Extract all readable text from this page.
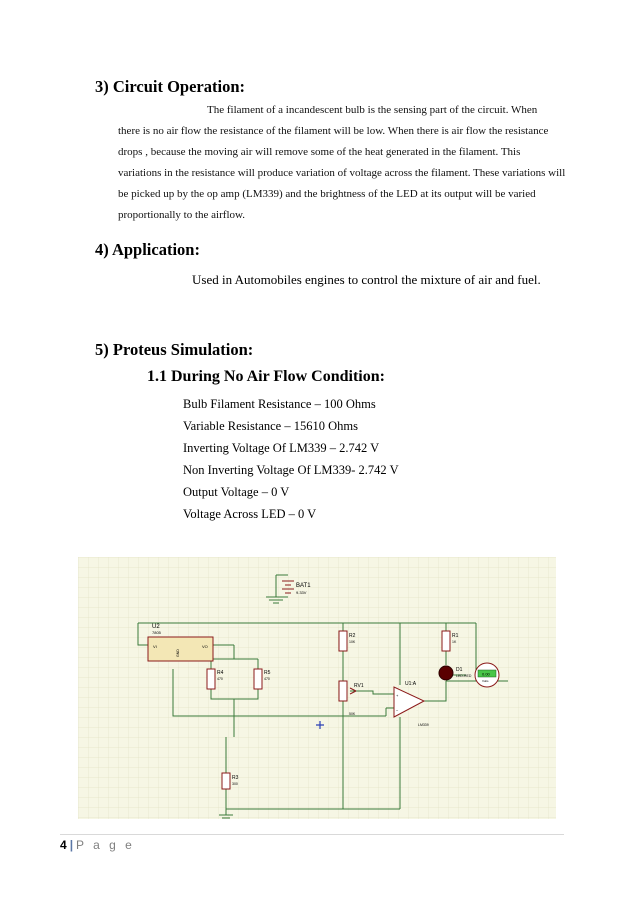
3) Circuit Operation:
The filament of a incandescent bulb is the sensing part of the circuit. When
there is no air flow the resistance of the filament will be low. When there is air flow the resistance
drops , because the moving air will remove some of the heat generated in the filament. This
variations in the resistance will produce variation of voltage across the filament. These variations will
be picked up by the op amp (LM339) and the brightness of the LED at its output will be varied
proportionally to the airflow.
4) Application:
Used in Automobiles engines to control the mixture of air and fuel.
5) Proteus Simulation:
1.1 During No Air Flow Condition:
Bulb Filament Resistance – 100 Ohms
Variable Resistance – 15610 Ohms
Inverting Voltage Of LM339 – 2.742 V
Non Inverting Voltage Of LM339- 2.742 V
Output Voltage – 0 V
Voltage Across LED – 0 V
BAT1
9.33V
U2
7805
VI	VO
GND
R4
470
R5
470
R2
10K
RV1
50K
R1
1K
R3
300
+
−
U1:A
LM339
D1
LED-RED	0.00
Volts
4 | P a g e
